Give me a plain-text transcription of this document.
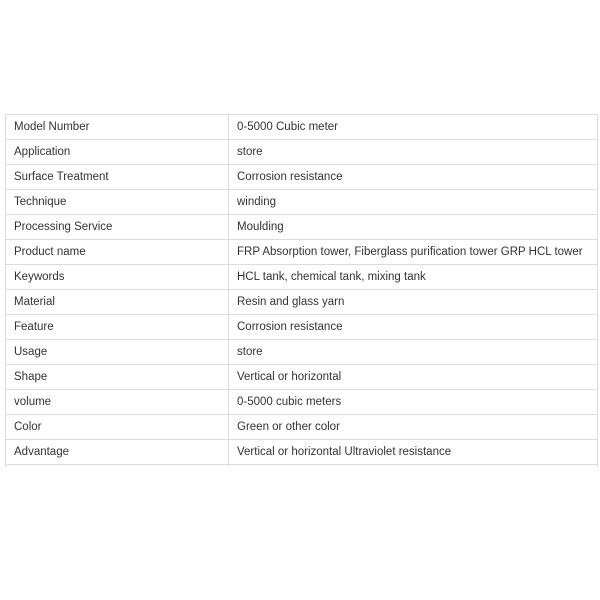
Model Number	0-5000 Cubic meter
Application	store
Surface Treatment	Corrosion resistance
Technique	winding
Processing Service	Moulding
Product name	FRP Absorption tower, Fiberglass purification tower GRP HCL tower
Keywords	HCL tank, chemical tank, mixing tank
Material	Resin and glass yarn
Feature	Corrosion resistance
Usage	store
Shape	Vertical or horizontal
volume	0-5000 cubic meters
Color	Green or other color
Advantage	Vertical or horizontal Ultraviolet resistance
